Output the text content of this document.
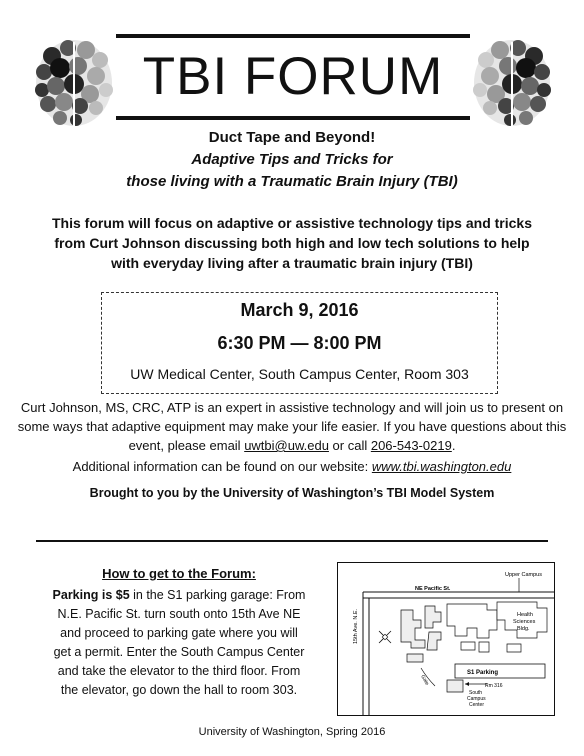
TBI FORUM
Duct Tape and Beyond!
Adaptive Tips and Tricks for
those living with a Traumatic Brain Injury (TBI)
This forum will focus on adaptive or assistive technology tips and tricks from Curt Johnson discussing both high and low tech solutions to help with everyday living after a traumatic brain injury (TBI)
March 9, 2016
6:30 PM — 8:00 PM
UW Medical Center, South Campus Center, Room 303
Curt Johnson, MS, CRC, ATP is an expert in assistive technology and will join us to present on some ways that adaptive equipment may make your life easier. If you have questions about this event, please email uwtbi@uw.edu or call 206-543-0219.
Additional information can be found on our website: www.tbi.washington.edu
Brought to you by the University of Washington’s TBI Model System
How to get to the Forum:
Parking is $5 in the S1 parking garage: From N.E. Pacific St. turn south onto 15th Ave NE and proceed to parking gate where you will get a permit. Enter the South Campus Center and take the elevator to the third floor. From the elevator, go down the hall to room 303.
NE Pacific St.
Upper Campus
15th Ave. N.E.	Health
Sciences
Bldg.
Gate
S1 Parking
Rm 316
South
Campus
Center
University of Washington, Spring 2016
